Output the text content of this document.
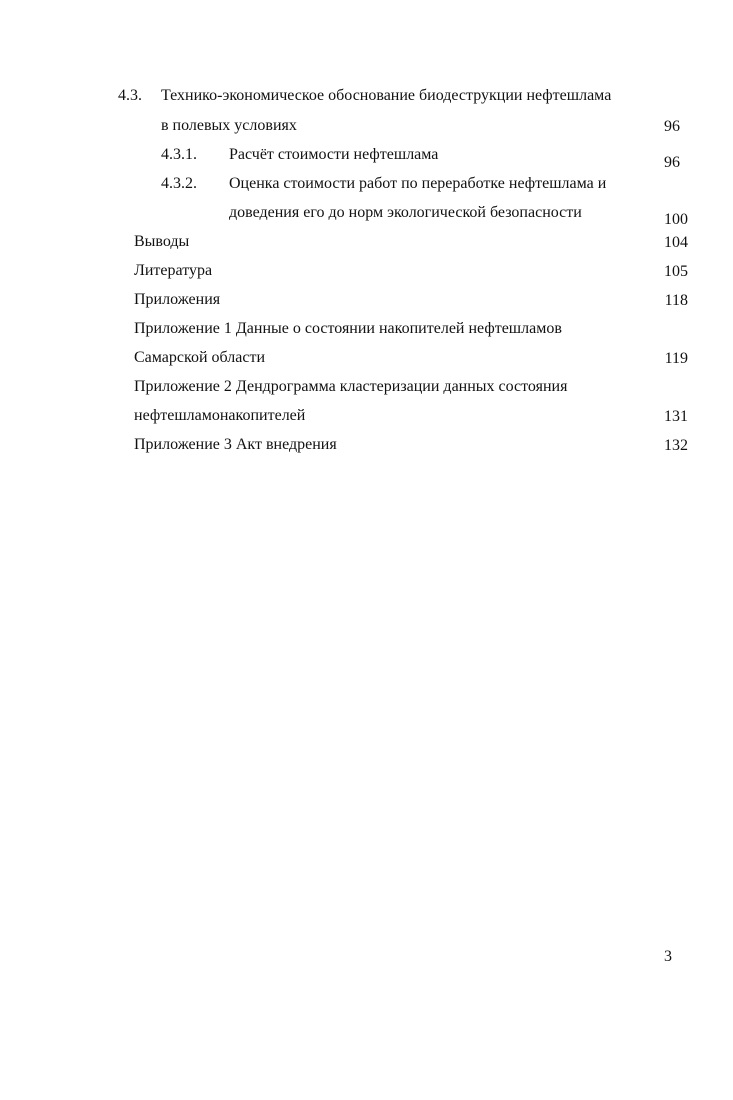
4.3. Технико-экономическое обоснование биодеструкции нефтешлама
в полевых условиях	96
4.3.1. Расчёт стоимости нефтешлама	96
4.3.2. Оценка стоимости работ по переработке нефтешлама и
доведения его до норм экологической безопасности	100
Выводы	104
Литература	105
Приложения	118
Приложение 1 Данные о состоянии накопителей нефтешламов
Самарской области	119
Приложение 2 Дендрограмма кластеризации данных состояния
нефтешламонакопителей	131
Приложение 3 Акт внедрения	132
3
